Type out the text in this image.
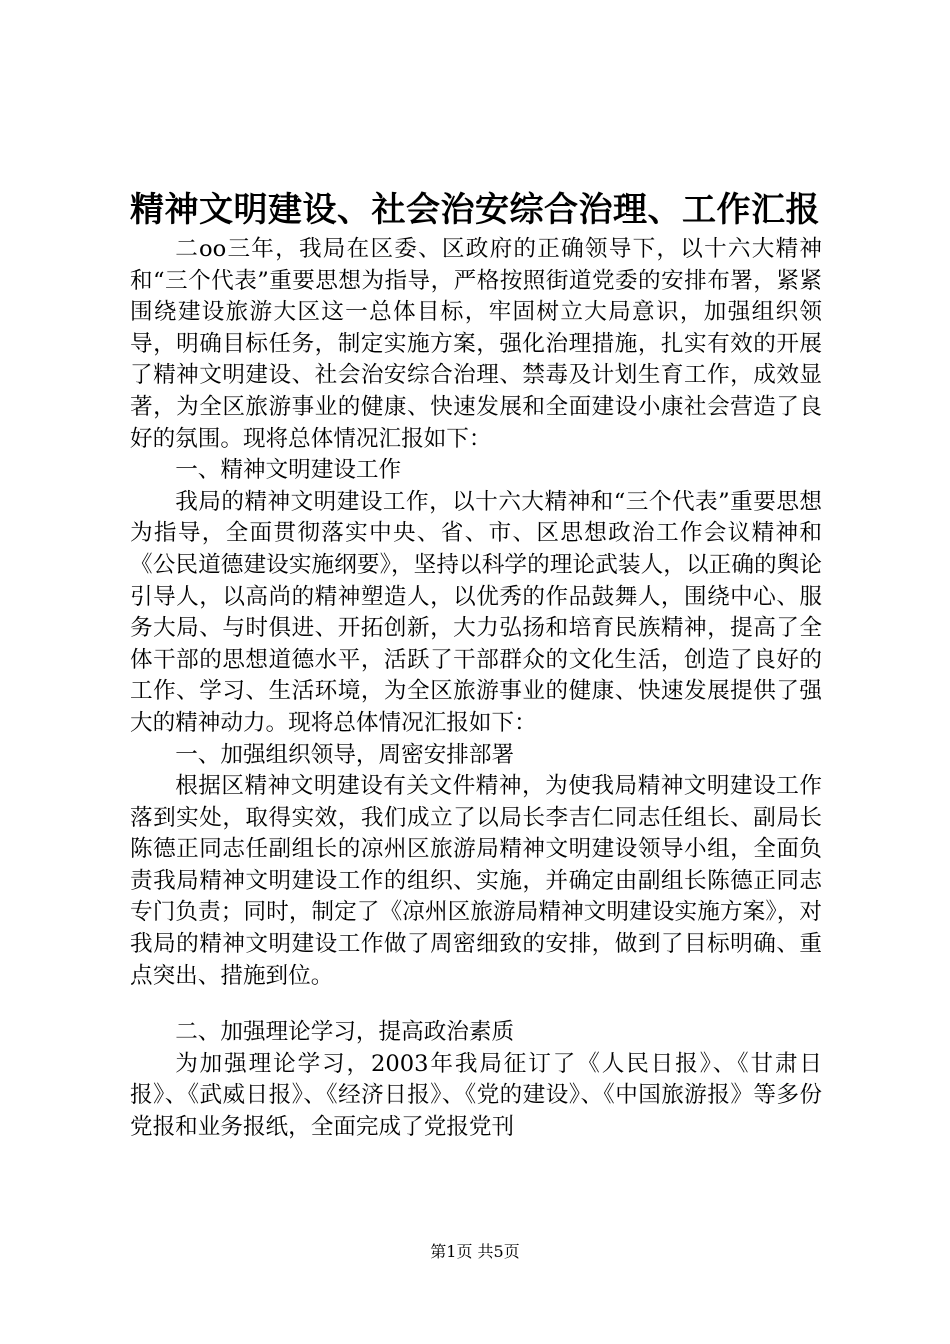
精神文明建设、社会治安综合治理、工作汇报

二oo三年，我局在区委、区政府的正确领导下，以十六大精神和“三个代表”重要思想为指导，严格按照街道党委的安排布署，紧紧围绕建设旅游大区这一总体目标，牢固树立大局意识，加强组织领导，明确目标任务，制定实施方案，强化治理措施，扎实有效的开展了精神文明建设、社会治安综合治理、禁毒及计划生育工作，成效显著，为全区旅游事业的健康、快速发展和全面建设小康社会营造了良好的氛围。现将总体情况汇报如下：

一、精神文明建设工作

我局的精神文明建设工作，以十六大精神和“三个代表”重要思想为指导，全面贯彻落实中央、省、市、区思想政治工作会议精神和《公民道德建设实施纲要》，坚持以科学的理论武装人，以正确的舆论引导人，以高尚的精神塑造人，以优秀的作品鼓舞人，围绕中心、服务大局、与时俱进、开拓创新，大力弘扬和培育民族精神，提高了全体干部的思想道德水平，活跃了干部群众的文化生活，创造了良好的工作、学习、生活环境，为全区旅游事业的健康、快速发展提供了强大的精神动力。现将总体情况汇报如下：

一、加强组织领导，周密安排部署

根据区精神文明建设有关文件精神，为使我局精神文明建设工作落到实处，取得实效，我们成立了以局长李吉仁同志任组长、副局长陈德正同志任副组长的凉州区旅游局精神文明建设领导小组，全面负责我局精神文明建设工作的组织、实施，并确定由副组长陈德正同志专门负责；同时，制定了《凉州区旅游局精神文明建设实施方案》，对我局的精神文明建设工作做了周密细致的安排，做到了目标明确、重点突出、措施到位。

二、加强理论学习，提高政治素质

为加强理论学习，2003年我局征订了《人民日报》、《甘肃日报》、《武威日报》、《经济日报》、《党的建设》、《中国旅游报》等多份党报和业务报纸，全面完成了党报党刊

第1页 共5页
